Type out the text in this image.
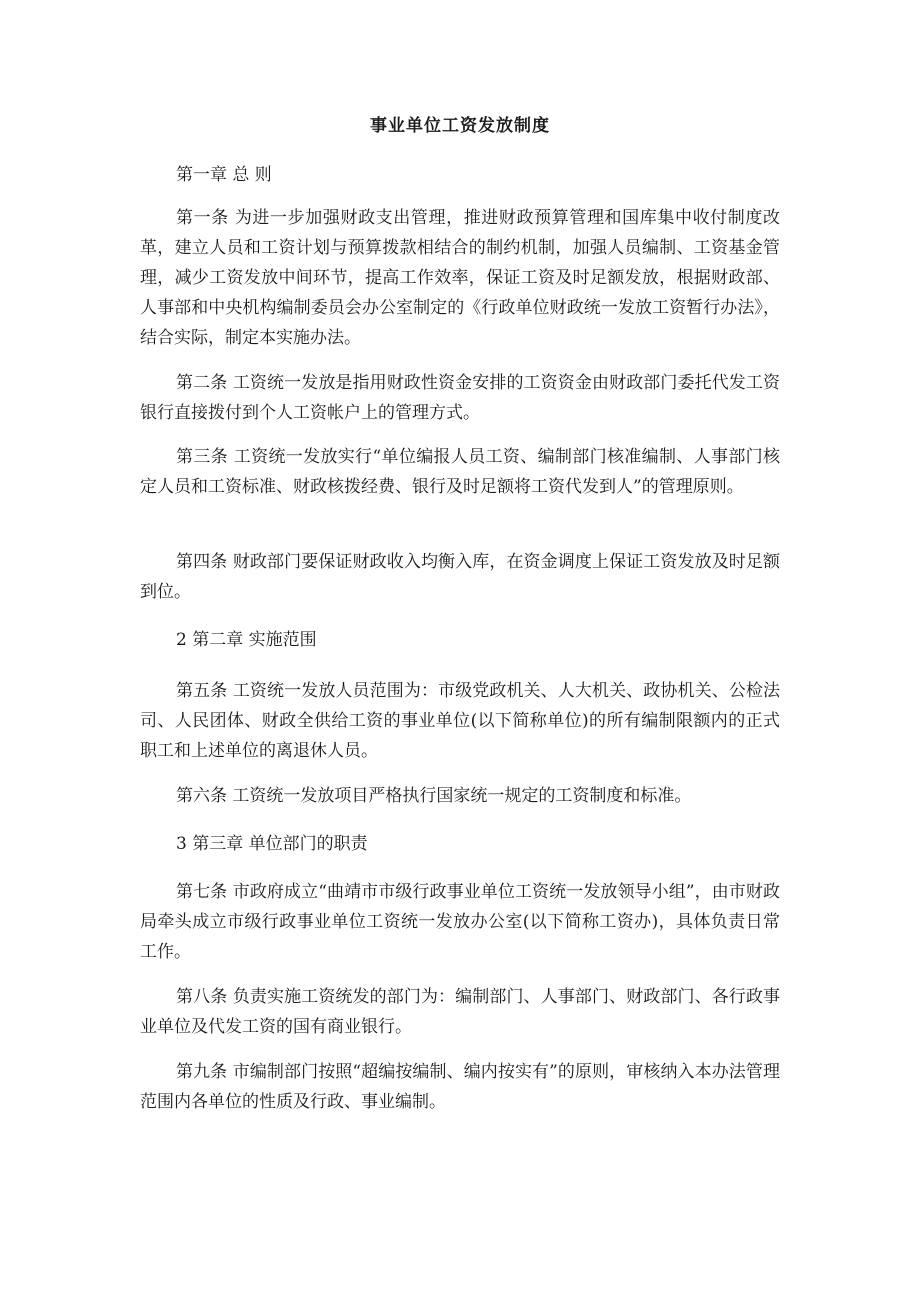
事业单位工资发放制度

第一章 总 则

第一条 为进一步加强财政支出管理，推进财政预算管理和国库集中收付制度改革，建立人员和工资计划与预算拨款相结合的制约机制，加强人员编制、工资基金管理，减少工资发放中间环节，提高工作效率，保证工资及时足额发放，根据财政部、人事部和中央机构编制委员会办公室制定的《行政单位财政统一发放工资暂行办法》，结合实际，制定本实施办法。

第二条 工资统一发放是指用财政性资金安排的工资资金由财政部门委托代发工资银行直接拨付到个人工资帐户上的管理方式。

第三条 工资统一发放实行“单位编报人员工资、编制部门核准编制、人事部门核定人员和工资标准、财政核拨经费、银行及时足额将工资代发到人”的管理原则。

第四条 财政部门要保证财政收入均衡入库，在资金调度上保证工资发放及时足额到位。

2 第二章 实施范围

第五条 工资统一发放人员范围为：市级党政机关、人大机关、政协机关、公检法司、人民团体、财政全供给工资的事业单位(以下简称单位)的所有编制限额内的正式职工和上述单位的离退休人员。

第六条 工资统一发放项目严格执行国家统一规定的工资制度和标准。

3 第三章 单位部门的职责

第七条 市政府成立“曲靖市市级行政事业单位工资统一发放领导小组”，由市财政局牵头成立市级行政事业单位工资统一发放办公室(以下简称工资办)，具体负责日常工作。

第八条 负责实施工资统发的部门为：编制部门、人事部门、财政部门、各行政事业单位及代发工资的国有商业银行。

第九条 市编制部门按照“超编按编制、编内按实有”的原则，审核纳入本办法管理范围内各单位的性质及行政、事业编制。
